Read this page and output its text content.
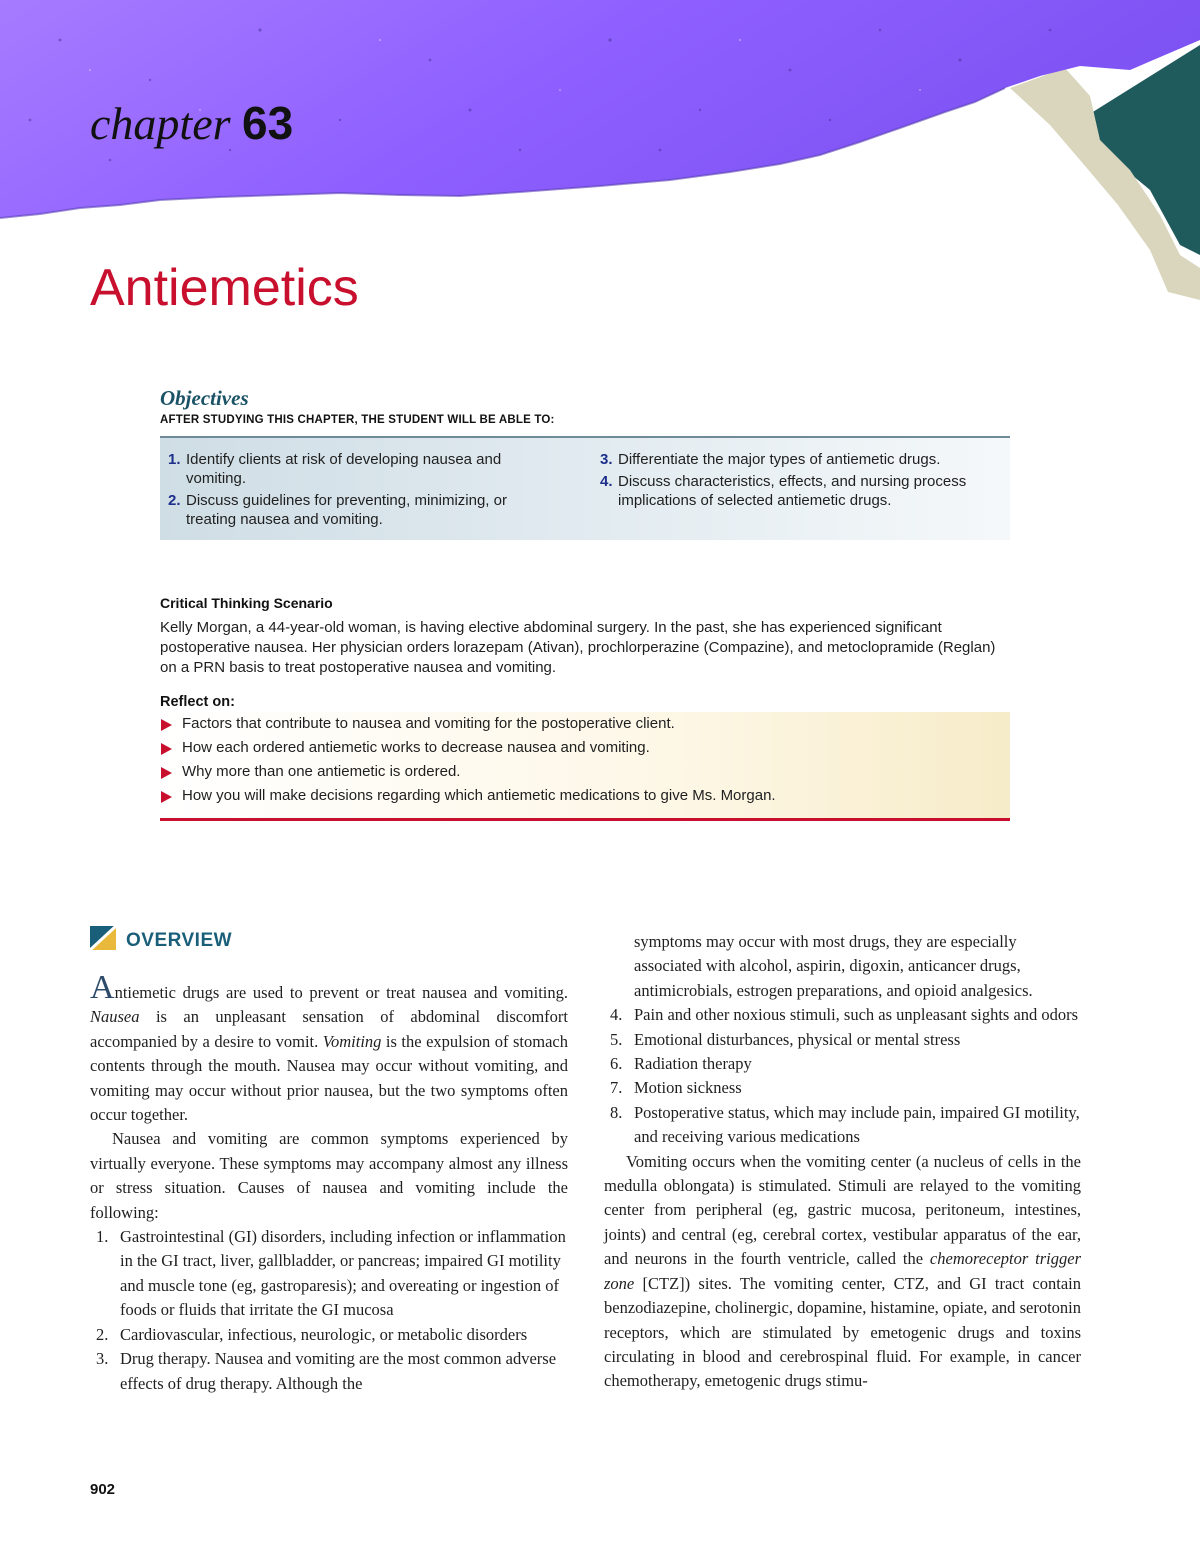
chapter 63
Antiemetics
Objectives
AFTER STUDYING THIS CHAPTER, THE STUDENT WILL BE ABLE TO:
1. Identify clients at risk of developing nausea and vomiting.
2. Discuss guidelines for preventing, minimizing, or treating nausea and vomiting.
3. Differentiate the major types of antiemetic drugs.
4. Discuss characteristics, effects, and nursing process implications of selected antiemetic drugs.
Critical Thinking Scenario
Kelly Morgan, a 44-year-old woman, is having elective abdominal surgery. In the past, she has experienced significant postoperative nausea. Her physician orders lorazepam (Ativan), prochlorperazine (Compazine), and metoclopramide (Reglan) on a PRN basis to treat postoperative nausea and vomiting.
Reflect on:
Factors that contribute to nausea and vomiting for the postoperative client.
How each ordered antiemetic works to decrease nausea and vomiting.
Why more than one antiemetic is ordered.
How you will make decisions regarding which antiemetic medications to give Ms. Morgan.
OVERVIEW

Antiemetic drugs are used to prevent or treat nausea and vomiting. Nausea is an unpleasant sensation of abdominal discomfort accompanied by a desire to vomit. Vomiting is the expulsion of stomach contents through the mouth. Nausea may occur without vomiting, and vomiting may occur without prior nausea, but the two symptoms often occur together.

Nausea and vomiting are common symptoms experienced by virtually everyone. These symptoms may accompany almost any illness or stress situation. Causes of nausea and vomiting include the following:

1. Gastrointestinal (GI) disorders, including infection or inflammation in the GI tract, liver, gallbladder, or pancreas; impaired GI motility and muscle tone (eg, gastroparesis); and overeating or ingestion of foods or fluids that irritate the GI mucosa
2. Cardiovascular, infectious, neurologic, or metabolic disorders
3. Drug therapy. Nausea and vomiting are the most common adverse effects of drug therapy. Although the
symptoms may occur with most drugs, they are especially associated with alcohol, aspirin, digoxin, anticancer drugs, antimicrobials, estrogen preparations, and opioid analgesics.
4. Pain and other noxious stimuli, such as unpleasant sights and odors
5. Emotional disturbances, physical or mental stress
6. Radiation therapy
7. Motion sickness
8. Postoperative status, which may include pain, impaired GI motility, and receiving various medications

Vomiting occurs when the vomiting center (a nucleus of cells in the medulla oblongata) is stimulated. Stimuli are relayed to the vomiting center from peripheral (eg, gastric mucosa, peritoneum, intestines, joints) and central (eg, cerebral cortex, vestibular apparatus of the ear, and neurons in the fourth ventricle, called the chemoreceptor trigger zone [CTZ]) sites. The vomiting center, CTZ, and GI tract contain benzodiazepine, cholinergic, dopamine, histamine, opiate, and serotonin receptors, which are stimulated by emetogenic drugs and toxins circulating in blood and cerebrospinal fluid. For example, in cancer chemotherapy, emetogenic drugs stimu-

902
